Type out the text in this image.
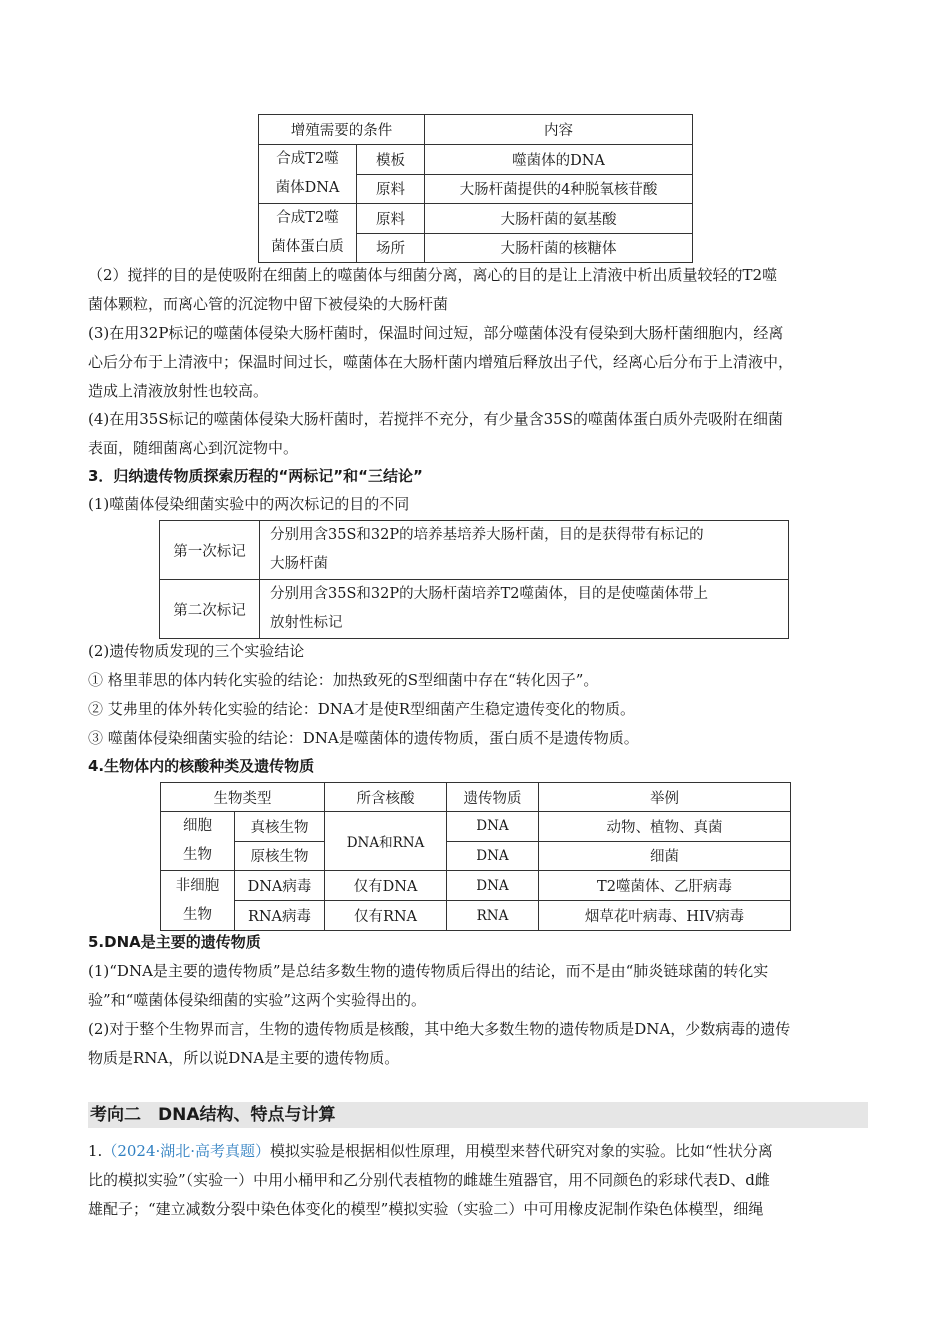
增殖需要的条件		内容
合成T2噬
菌体DNA	模板	噬菌体的DNA
	原料	大肠杆菌提供的4种脱氧核苷酸
合成T2噬
菌体蛋白质	原料	大肠杆菌的氨基酸
	场所	大肠杆菌的核糖体
（2）搅拌的目的是使吸附在细菌上的噬菌体与细菌分离，离心的目的是让上清液中析出质量较轻的T2噬
菌体颗粒，而离心管的沉淀物中留下被侵染的大肠杆菌
(3)在用32P标记的噬菌体侵染大肠杆菌时，保温时间过短，部分噬菌体没有侵染到大肠杆菌细胞内，经离
心后分布于上清液中；保温时间过长，噬菌体在大肠杆菌内增殖后释放出子代，经离心后分布于上清液中，
造成上清液放射性也较高。
(4)在用35S标记的噬菌体侵染大肠杆菌时，若搅拌不充分，有少量含35S的噬菌体蛋白质外壳吸附在细菌
表面，随细菌离心到沉淀物中。
3．归纳遗传物质探索历程的“两标记”和“三结论”
(1)噬菌体侵染细菌实验中的两次标记的目的不同
第一次标记	分别用含35S和32P的培养基培养大肠杆菌，目的是获得带有标记的
大肠杆菌
第二次标记	分别用含35S和32P的大肠杆菌培养T2噬菌体，目的是使噬菌体带上
放射性标记
(2)遗传物质发现的三个实验结论
① 格里菲思的体内转化实验的结论：加热致死的S型细菌中存在“转化因子”。
② 艾弗里的体外转化实验的结论：DNA才是使R型细菌产生稳定遗传变化的物质。
③ 噬菌体侵染细菌实验的结论：DNA是噬菌体的遗传物质，蛋白质不是遗传物质。
4.生物体内的核酸种类及遗传物质
生物类型		所含核酸	遗传物质	举例
细胞
生物	真核生物	DNA和RNA	DNA	动物、植物、真菌
	原核生物		DNA	细菌
非细胞
生物	DNA病毒	仅有DNA	DNA	T2噬菌体、乙肝病毒
	RNA病毒	仅有RNA	RNA	烟草花叶病毒、HIV病毒
5.DNA是主要的遗传物质
(1)“DNA是主要的遗传物质”是总结多数生物的遗传物质后得出的结论，而不是由“肺炎链球菌的转化实
验”和“噬菌体侵染细菌的实验”这两个实验得出的。
(2)对于整个生物界而言，生物的遗传物质是核酸，其中绝大多数生物的遗传物质是DNA，少数病毒的遗传
物质是RNA，所以说DNA是主要的遗传物质。
考向二　DNA结构、特点与计算
1.（2024·湖北·高考真题）模拟实验是根据相似性原理，用模型来替代研究对象的实验。比如“性状分离
比的模拟实验”（实验一）中用小桶甲和乙分别代表植物的雌雄生殖器官，用不同颜色的彩球代表D、d雌
雄配子；“建立减数分裂中染色体变化的模型”模拟实验（实验二）中可用橡皮泥制作染色体模型，细绳
